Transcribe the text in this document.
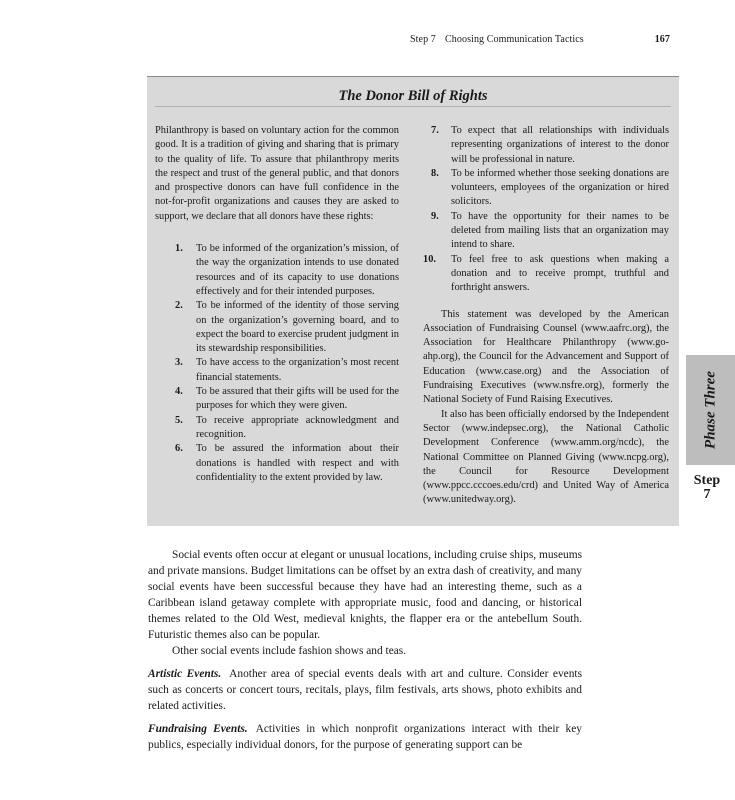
Step 7 Choosing Communication Tactics	167
The Donor Bill of Rights

Philanthropy is based on voluntary action for the common good. It is a tradition of giving and sharing that is primary to the quality of life. To assure that philanthropy merits the respect and trust of the general public, and that donors and prospective donors can have full confidence in the not-for-profit organizations and causes they are asked to support, we declare that all donors have these rights:

1. To be informed of the organization’s mission, of the way the organization intends to use donated resources and of its capacity to use donations effectively and for their intended purposes.
2. To be informed of the identity of those serving on the organization’s governing board, and to expect the board to exercise prudent judgment in its stewardship responsibilities.
3. To have access to the organization’s most recent financial statements.
4. To be assured that their gifts will be used for the purposes for which they were given.
5. To receive appropriate acknowledgment and recognition.
6. To be assured the information about their donations is handled with respect and with confidentiality to the extent provided by law.
7. To expect that all relationships with individuals representing organizations of interest to the donor will be professional in nature.
8. To be informed whether those seeking donations are volunteers, employees of the organization or hired solicitors.
9. To have the opportunity for their names to be deleted from mailing lists that an organization may intend to share.
10. To feel free to ask questions when making a donation and to receive prompt, truthful and forthright answers.

This statement was developed by the American Association of Fundraising Counsel (www.aafrc.org), the Association for Healthcare Philanthropy (www.go-ahp.org), the Council for the Advancement and Support of Education (www.case.org) and the Association of Fundraising Executives (www.nsfre.org), formerly the National Society of Fund Raising Executives.

It also has been officially endorsed by the Independent Sector (www.indepsec.org), the National Catholic Development Conference (www.amm.org/ncdc), the National Committee on Planned Giving (www.ncpg.org), the Council for Resource Development (www.ppcc.cccoes.edu/crd) and United Way of America (www.unitedway.org).

Phase Three
Step
7

Social events often occur at elegant or unusual locations, including cruise ships, museums and private mansions. Budget limitations can be offset by an extra dash of creativity, and many social events have been successful because they have had an interesting theme, such as a Caribbean island getaway complete with appropriate music, food and dancing, or historical themes related to the Old West, medieval knights, the flapper era or the antebellum South. Futuristic themes also can be popular.

Other social events include fashion shows and teas.

Artistic Events. Another area of special events deals with art and culture. Consider events such as concerts or concert tours, recitals, plays, film festivals, arts shows, photo exhibits and related activities.

Fundraising Events. Activities in which nonprofit organizations interact with their key publics, especially individual donors, for the purpose of generating support can be
